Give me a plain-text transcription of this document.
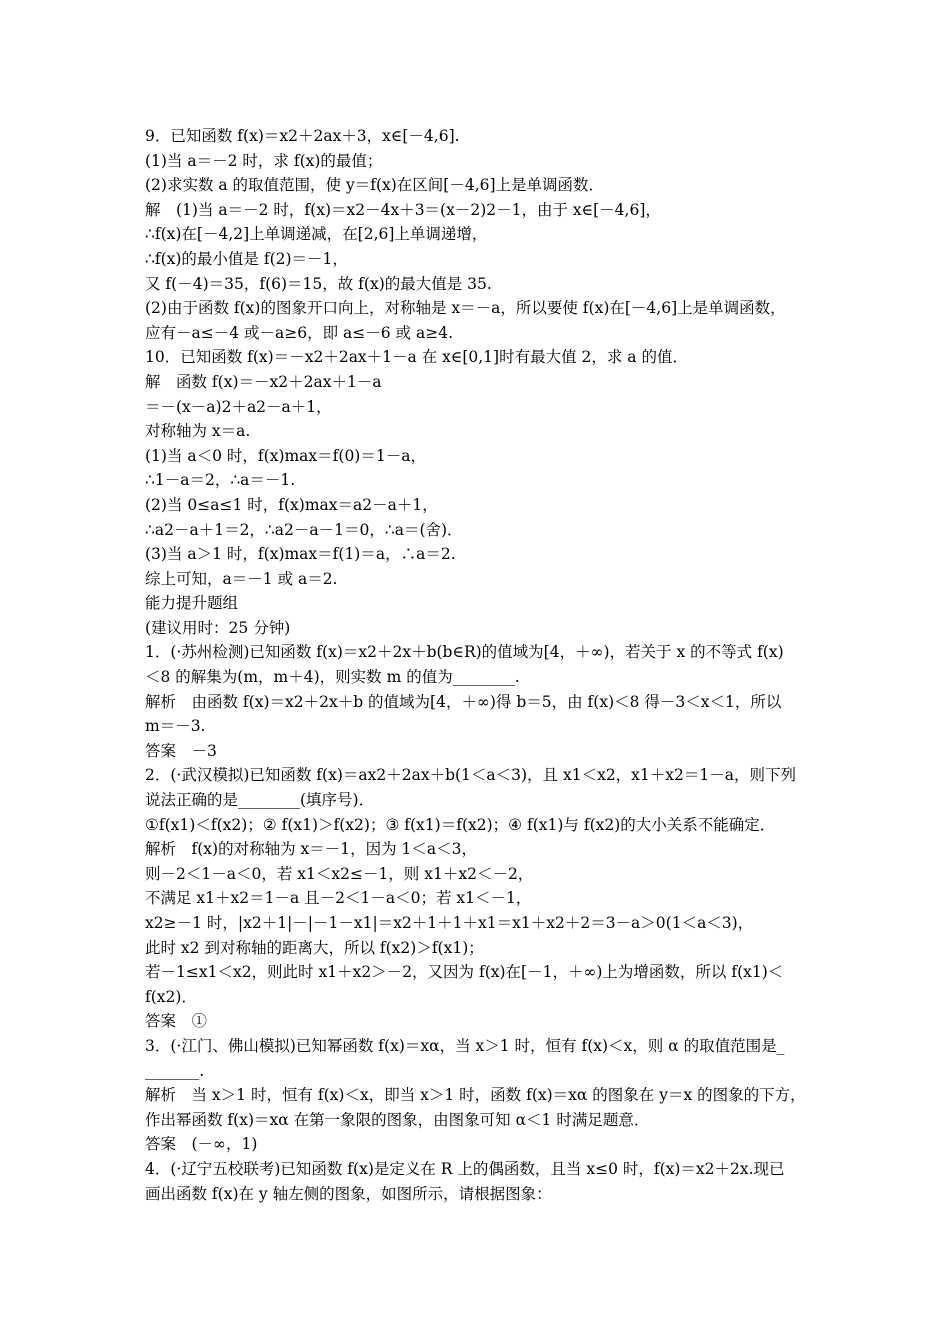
9．已知函数 f(x)＝x2＋2ax＋3，x∈[－4,6].
(1)当 a＝－2 时，求 f(x)的最值；
(2)求实数 a 的取值范围，使 y＝f(x)在区间[－4,6]上是单调函数．
解　(1)当 a＝－2 时，f(x)＝x2－4x＋3＝(x－2)2－1，由于 x∈[－4,6]，
∴f(x)在[－4,2]上单调递减，在[2,6]上单调递增，
∴f(x)的最小值是 f(2)＝－1，
又 f(－4)＝35，f(6)＝15，故 f(x)的最大值是 35.
(2)由于函数 f(x)的图象开口向上，对称轴是 x＝－a，所以要使 f(x)在[－4,6]上是单调函数，
应有－a≤－4 或－a≥6，即 a≤－6 或 a≥4.
10．已知函数 f(x)＝－x2＋2ax＋1－a 在 x∈[0,1]时有最大值 2，求 a 的值．
解　函数 f(x)＝－x2＋2ax＋1－a
＝－(x－a)2＋a2－a＋1，
对称轴为 x＝a.
(1)当 a＜0 时，f(x)max＝f(0)＝1－a，
∴1－a＝2，∴a＝－1.
(2)当 0≤a≤1 时，f(x)max＝a2－a＋1，
∴a2－a＋1＝2，∴a2－a－1＝0，∴a＝(舍)．
(3)当 a＞1 时，f(x)max＝f(1)＝a，∴a＝2.
综上可知，a＝－1 或 a＝2.
能力提升题组
(建议用时：25 分钟)
1．(·苏州检测)已知函数 f(x)＝x2＋2x＋b(b∈R)的值域为[4，＋∞)，若关于 x 的不等式 f(x)
＜8 的解集为(m，m＋4)，则实数 m 的值为________.
解析　由函数 f(x)＝x2＋2x＋b 的值域为[4，＋∞)得 b＝5，由 f(x)＜8 得－3＜x＜1，所以
m＝－3.
答案　－3
2．(·武汉模拟)已知函数 f(x)＝ax2＋2ax＋b(1＜a＜3)，且 x1＜x2，x1＋x2＝1－a，则下列
说法正确的是________(填序号)．
①f(x1)＜f(x2)；② f(x1)＞f(x2)；③ f(x1)＝f(x2)；④ f(x1)与 f(x2)的大小关系不能确定．
解析　f(x)的对称轴为 x＝－1，因为 1＜a＜3，
则－2＜1－a＜0，若 x1＜x2≤－1，则 x1＋x2＜－2，
不满足 x1＋x2＝1－a 且－2＜1－a＜0；若 x1＜－1，
x2≥－1 时，|x2＋1|－|－1－x1|＝x2＋1＋1＋x1＝x1＋x2＋2＝3－a＞0(1＜a＜3)，
此时 x2 到对称轴的距离大，所以 f(x2)＞f(x1)；
若－1≤x1＜x2，则此时 x1＋x2＞－2，又因为 f(x)在[－1，＋∞)上为增函数，所以 f(x1)＜
f(x2)．
答案　①
3．(·江门、佛山模拟)已知幂函数 f(x)＝xα，当 x＞1 时，恒有 f(x)＜x，则 α 的取值范围是_
_______.
解析　当 x＞1 时，恒有 f(x)＜x，即当 x＞1 时，函数 f(x)＝xα 的图象在 y＝x 的图象的下方，
作出幂函数 f(x)＝xα 在第一象限的图象，由图象可知 α＜1 时满足题意．
答案　(－∞，1)
4．(·辽宁五校联考)已知函数 f(x)是定义在 R 上的偶函数，且当 x≤0 时，f(x)＝x2＋2x.现已
画出函数 f(x)在 y 轴左侧的图象，如图所示，请根据图象：
